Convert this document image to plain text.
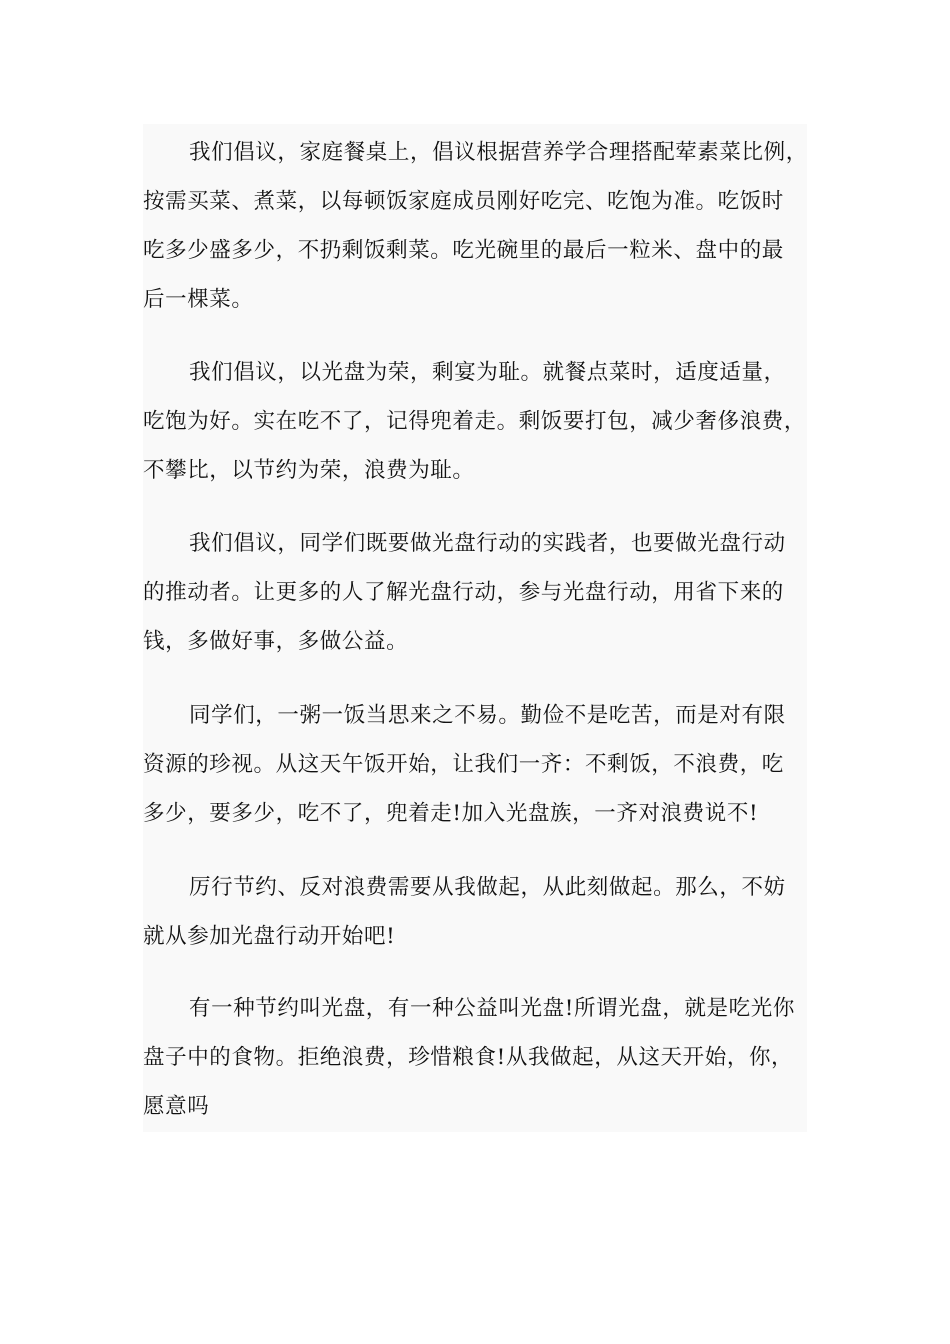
我们倡议，家庭餐桌上，倡议根据营养学合理搭配荤素菜比例，
按需买菜、煮菜，以每顿饭家庭成员刚好吃完、吃饱为准。吃饭时
吃多少盛多少，不扔剩饭剩菜。吃光碗里的最后一粒米、盘中的最
后一棵菜。
我们倡议，以光盘为荣，剩宴为耻。就餐点菜时，适度适量，
吃饱为好。实在吃不了，记得兜着走。剩饭要打包，减少奢侈浪费，
不攀比，以节约为荣，浪费为耻。
我们倡议，同学们既要做光盘行动的实践者，也要做光盘行动
的推动者。让更多的人了解光盘行动，参与光盘行动，用省下来的
钱，多做好事，多做公益。
同学们，一粥一饭当思来之不易。勤俭不是吃苦，而是对有限
资源的珍视。从这天午饭开始，让我们一齐：不剩饭，不浪费，吃
多少，要多少，吃不了，兜着走!加入光盘族，一齐对浪费说不!
厉行节约、反对浪费需要从我做起，从此刻做起。那么，不妨
就从参加光盘行动开始吧!
有一种节约叫光盘，有一种公益叫光盘!所谓光盘，就是吃光你
盘子中的食物。拒绝浪费，珍惜粮食!从我做起，从这天开始，你，
愿意吗
